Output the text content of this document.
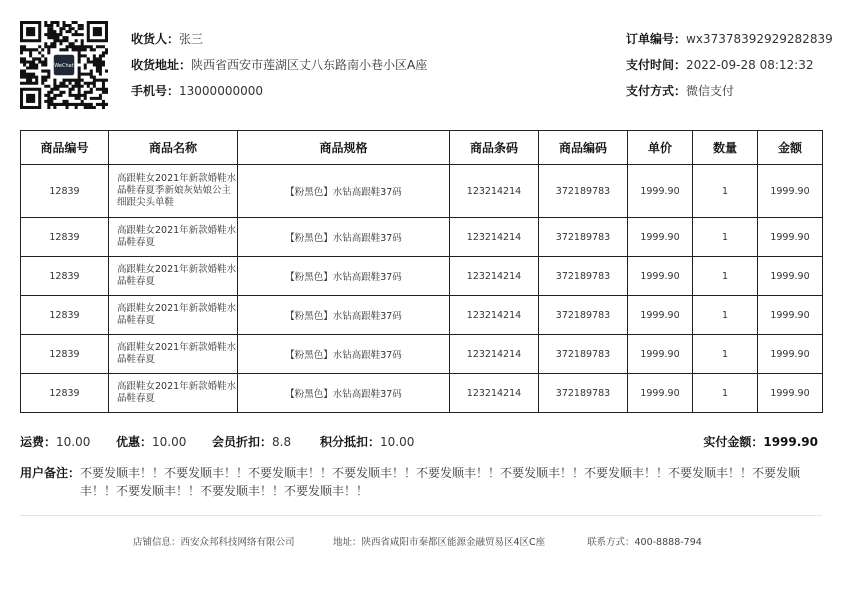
WeChat
收货人：张三
收货地址：陕西省西安市莲湖区丈八东路南小巷小区A座
手机号：13000000000
订单编号：wx37378392929282839
支付时间：2022-09-28 08:12:32
支付方式：微信支付
商品编号	商品名称	商品规格	商品条码	商品编码	单价	数量	金额
12839	高跟鞋女2021年新款婚鞋水晶鞋春夏季新娘灰姑娘公主细跟尖头单鞋	【粉黑色】水钻高跟鞋37码	123214214	372189783	1999.90	1	1999.90
12839	高跟鞋女2021年新款婚鞋水晶鞋春夏	【粉黑色】水钻高跟鞋37码	123214214	372189783	1999.90	1	1999.90
12839	高跟鞋女2021年新款婚鞋水晶鞋春夏	【粉黑色】水钻高跟鞋37码	123214214	372189783	1999.90	1	1999.90
12839	高跟鞋女2021年新款婚鞋水晶鞋春夏	【粉黑色】水钻高跟鞋37码	123214214	372189783	1999.90	1	1999.90
12839	高跟鞋女2021年新款婚鞋水晶鞋春夏	【粉黑色】水钻高跟鞋37码	123214214	372189783	1999.90	1	1999.90
12839	高跟鞋女2021年新款婚鞋水晶鞋春夏	【粉黑色】水钻高跟鞋37码	123214214	372189783	1999.90	1	1999.90
运费：10.00 优惠：10.00 会员折扣：8.8 积分抵扣：10.00	实付金额：1999.90
用户备注： 不要发顺丰！！不要发顺丰！！不要发顺丰！！不要发顺丰！！不要发顺丰！！不要发顺丰！！不要发顺丰！！不要发顺丰！！不要发顺丰！！不要发顺丰！！不要发顺丰！！不要发顺丰！！
店铺信息：西安众邦科技网络有限公司	地址：陕西省咸阳市秦都区能源金融贸易区4区C座	联系方式：400-8888-794
